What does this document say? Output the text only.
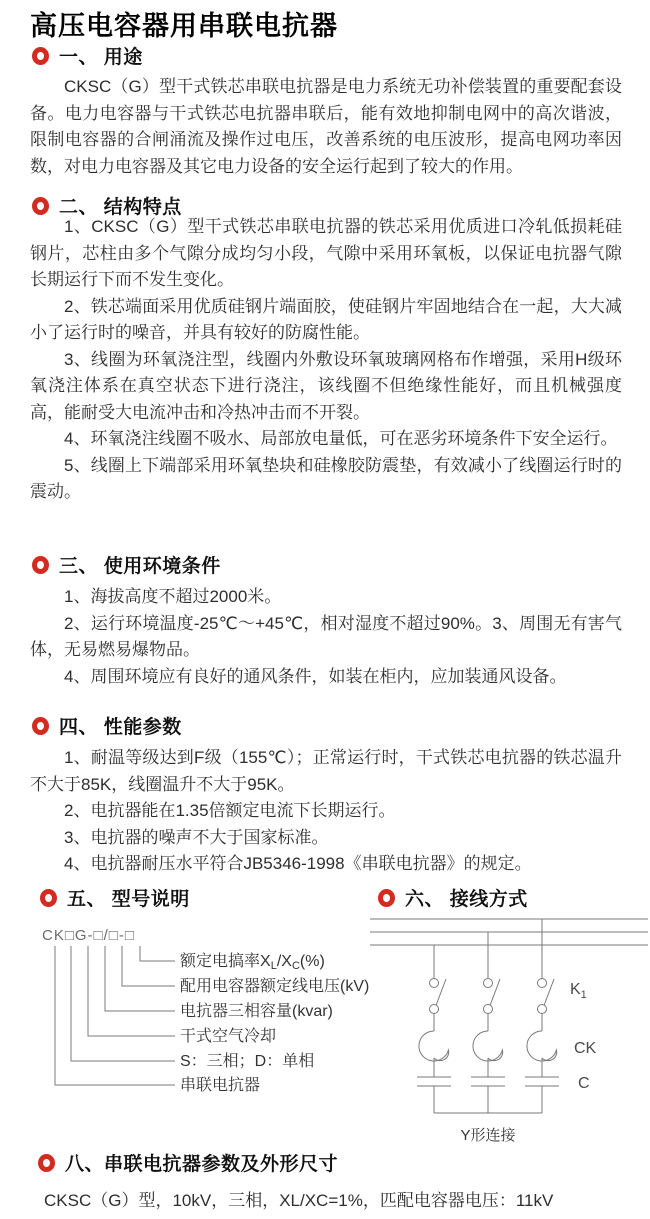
高压电容器用串联电抗器
一、 用途

CKSC（G）型干式铁芯串联电抗器是电力系统无功补偿装置的重要配套设备。电力电容器与干式铁芯电抗器串联后，能有效地抑制电网中的高次谐波，限制电容器的合闸涌流及操作过电压，改善系统的电压波形，提高电网功率因数，对电力电容器及其它电力设备的安全运行起到了较大的作用。

二、 结构特点

1、CKSC（G）型干式铁芯串联电抗器的铁芯采用优质进口冷轧低损耗硅钢片，芯柱由多个气隙分成均匀小段，气隙中采用环氧板，以保证电抗器气隙长期运行下而不发生变化。

2、铁芯端面采用优质硅钢片端面胶，使硅钢片牢固地结合在一起，大大减小了运行时的噪音，并具有较好的防腐性能。

3、线圈为环氧浇注型，线圈内外敷设环氧玻璃网格布作增强，采用H级环氧浇注体系在真空状态下进行浇注，该线圈不但绝缘性能好，而且机械强度高，能耐受大电流冲击和冷热冲击而不开裂。

4、环氧浇注线圈不吸水、局部放电量低，可在恶劣环境条件下安全运行。

5、线圈上下端部采用环氧垫块和硅橡胶防震垫，有效减小了线圈运行时的震动。

三、 使用环境条件

1、海拔高度不超过2000米。

2、运行环境温度-25℃～+45℃，相对湿度不超过90%。3、周围无有害气体，无易燃易爆物品。

4、周围环境应有良好的通风条件，如装在柜内，应加装通风设备。

四、 性能参数

1、耐温等级达到F级（155℃）；正常运行时，干式铁芯电抗器的铁芯温升不大于85K，线圈温升不大于95K。

2、电抗器能在1.35倍额定电流下长期运行。

3、电抗器的噪声不大于国家标准。

4、电抗器耐压水平符合JB5346-1998《串联电抗器》的规定。

五、 型号说明	六、 接线方式
CK□G-□/□-□
额定电搞率XL/XC(%)
配用电容器额定线电压(kV)
电抗器三相容量(kvar)
干式空气冷却
S：三相；D：单相
串联电抗器
$K_1$
CK
C
Y形连接
八、串联电抗器参数及外形尺寸
CKSC（G）型，10kV，三相，XL/XC=1%，匹配电容器电压：11kV
